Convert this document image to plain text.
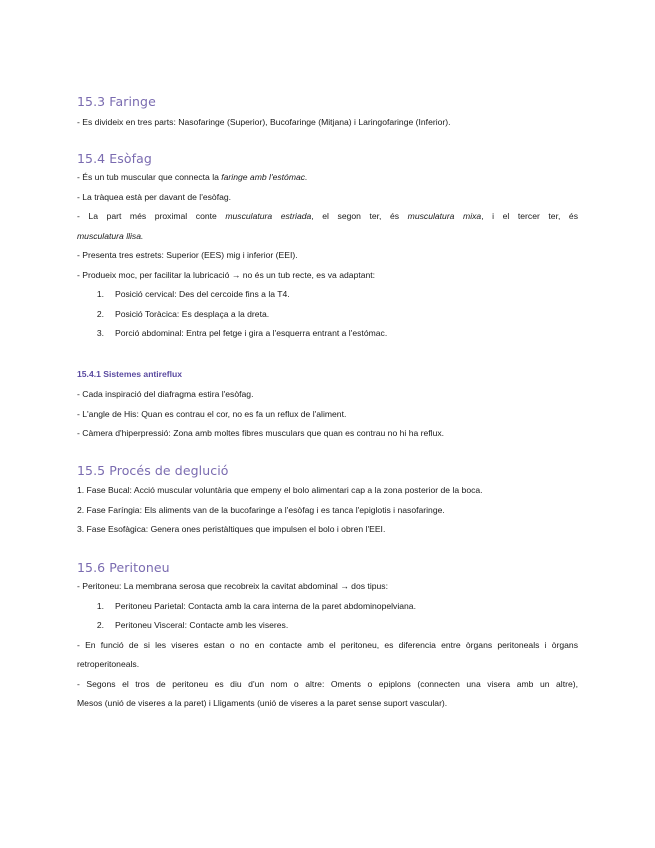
15.3 Faringe

- Es divideix en tres parts: Nasofaringe (Superior), Bucofaringe (Mitjana) i Laringofaringe (Inferior).

15.4 Esòfag

- És un tub muscular que connecta la faringe amb l'estómac.

- La tràquea està per davant de l'esòfag.

- La part més proximal conte musculatura estriada, el segon ter, és musculatura mixa, i el tercer ter, és

musculatura llisa.

- Presenta tres estrets: Superior (EES) mig i inferior (EEI).

- Produeix moc, per facilitar la lubricació → no és un tub recte, es va adaptant:

1. Posició cervical: Des del cercoide fins a la T4.

2. Posició Toràcica: Es desplaça a la dreta.

3. Porció abdominal: Entra pel fetge i gira a l'esquerra entrant a l'estómac.

15.4.1 Sistemes antireflux

- Cada inspiració del diafragma estira l'esòfag.

- L'angle de His: Quan es contrau el cor, no es fa un reflux de l'aliment.

- Càmera d'hiperpressió: Zona amb moltes fibres musculars que quan es contrau no hi ha reflux.

15.5 Procés de deglució

1. Fase Bucal: Acció muscular voluntària que empeny el bolo alimentari cap a la zona posterior de la boca.

2. Fase Faríngia: Els aliments van de la bucofaringe a l'esòfag i es tanca l'epiglotis i nasofaringe.

3. Fase Esofàgica: Genera ones peristàltiques que impulsen el bolo i obren l'EEI.

15.6 Peritoneu

- Peritoneu: La membrana serosa que recobreix la cavitat abdominal → dos tipus:

1. Peritoneu Parietal: Contacta amb la cara interna de la paret abdominopelviana.

2. Peritoneu Visceral: Contacte amb les viseres.

- En funció de si les viseres estan o no en contacte amb el peritoneu, es diferencia entre òrgans peritoneals i òrgans

retroperitoneals.

- Segons el tros de peritoneu es diu d'un nom o altre: Oments o epiplons (connecten una visera amb un altre),

Mesos (unió de viseres a la paret) i Lligaments (unió de viseres a la paret sense suport vascular).
